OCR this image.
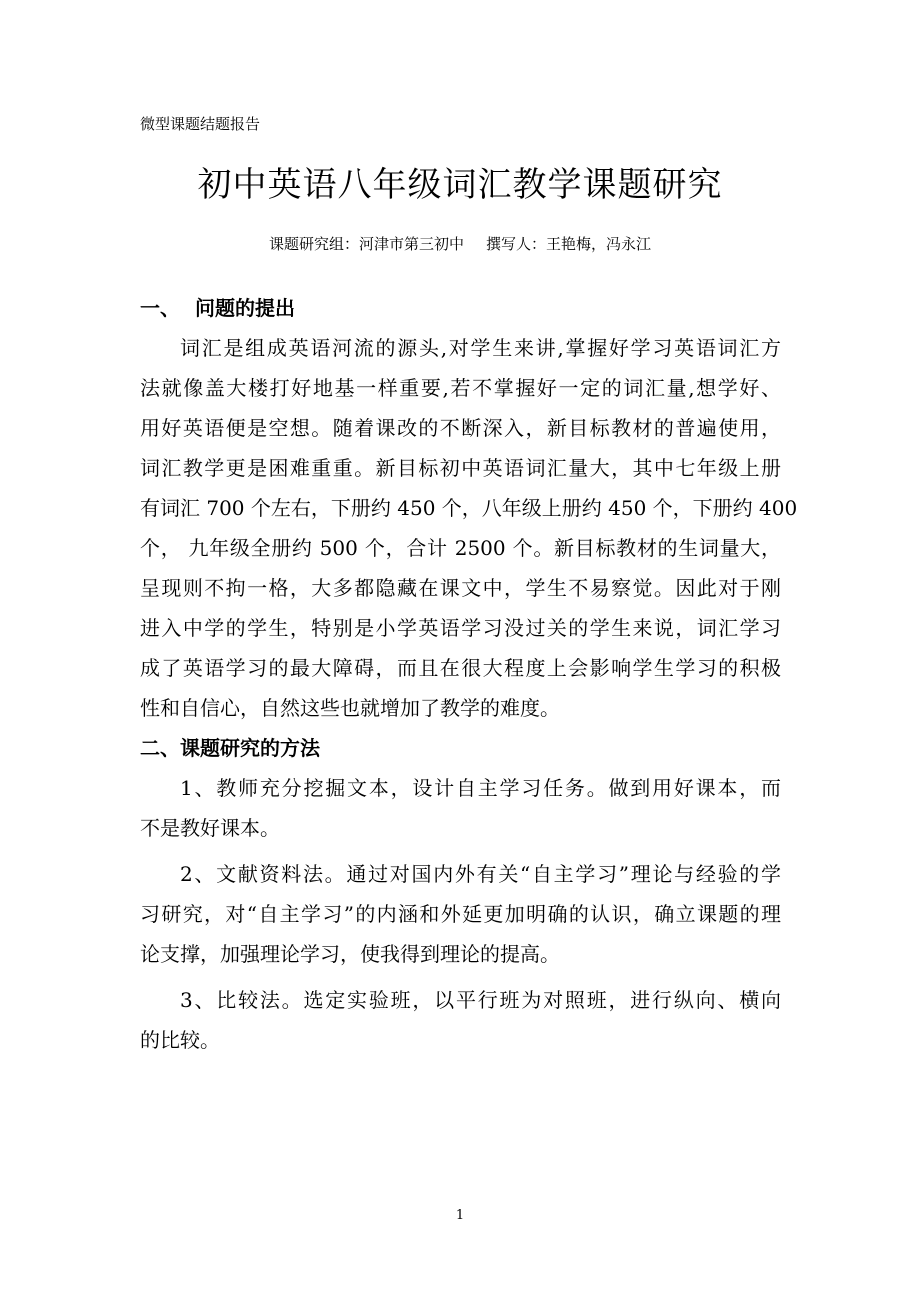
微型课题结题报告
初中英语八年级词汇教学课题研究
课题研究组：河津市第三初中 撰写人：王艳梅，冯永江
一、 问题的提出
词汇是组成英语河流的源头,对学生来讲,掌握好学习英语词汇方
法就像盖大楼打好地基一样重要,若不掌握好一定的词汇量,想学好、
用好英语便是空想。随着课改的不断深入，新目标教材的普遍使用，
词汇教学更是困难重重。新目标初中英语词汇量大，其中七年级上册
有词汇 700 个左右，下册约 450 个，八年级上册约 450 个，下册约 400
个， 九年级全册约 500 个，合计 2500 个。新目标教材的生词量大，
呈现则不拘一格，大多都隐藏在课文中，学生不易察觉。因此对于刚
进入中学的学生，特别是小学英语学习没过关的学生来说，词汇学习
成了英语学习的最大障碍，而且在很大程度上会影响学生学习的积极
性和自信心，自然这些也就增加了教学的难度。
二、课题研究的方法
1、教师充分挖掘文本，设计自主学习任务。做到用好课本，而
不是教好课本。
2、文献资料法。通过对国内外有关“自主学习”理论与经验的学
习研究，对“自主学习”的内涵和外延更加明确的认识，确立课题的理
论支撑，加强理论学习，使我得到理论的提高。
3、比较法。选定实验班，以平行班为对照班，进行纵向、横向
的比较。
1
